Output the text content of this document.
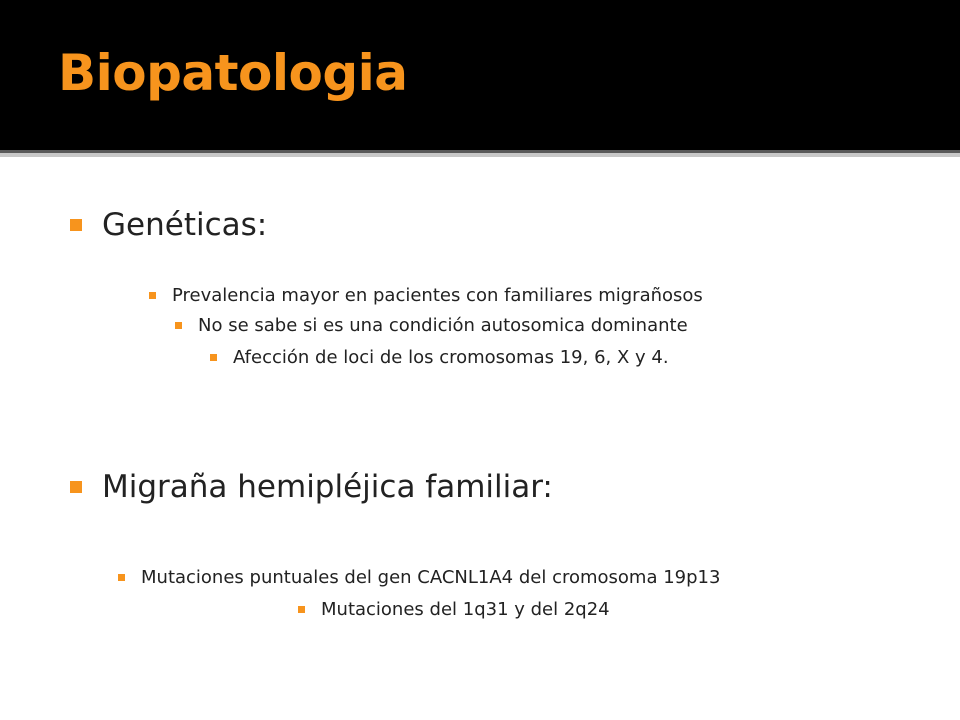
Biopatologia
Genéticas:
Prevalencia mayor en pacientes con familiares migrañosos
No se sabe si es una condición autosomica dominante
Afección de loci de los cromosomas 19, 6, X y 4.
Migraña hemipléjica familiar:
Mutaciones puntuales del gen CACNL1A4 del cromosoma 19p13
Mutaciones del 1q31 y del 2q24
